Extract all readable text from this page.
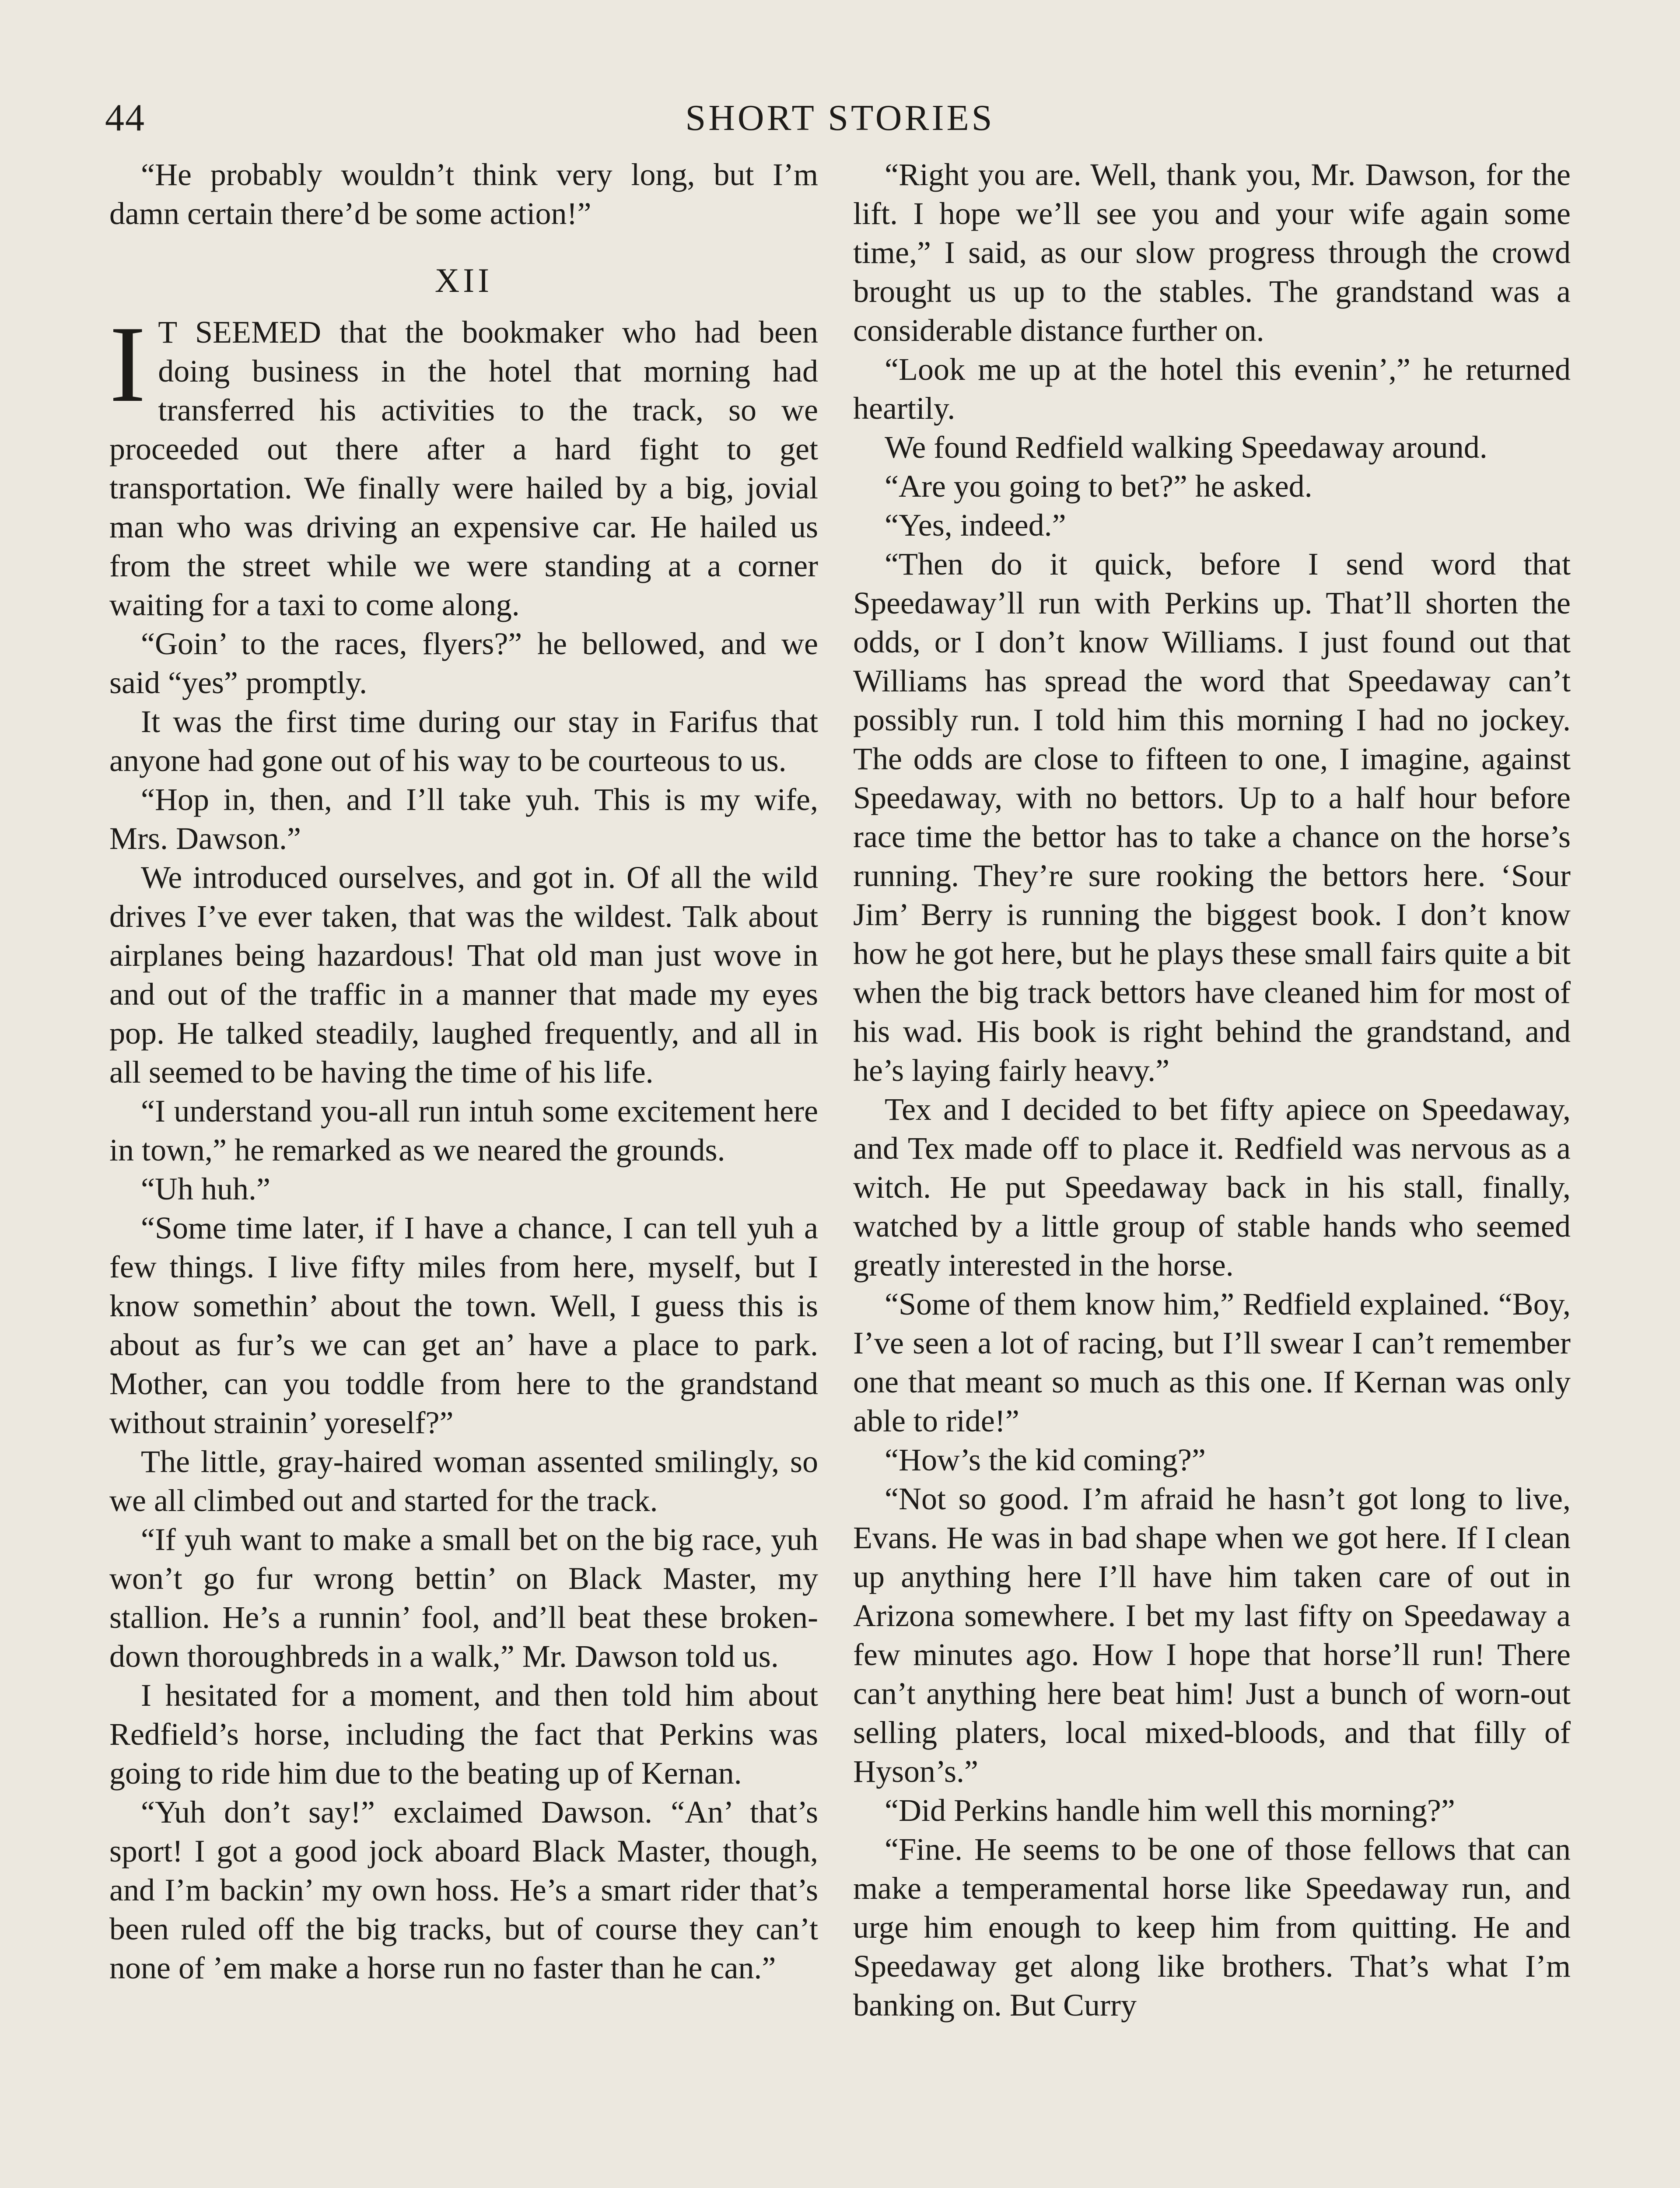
44	SHORT STORIES

“He probably wouldn’t think very long, but I’m damn certain there’d be some action!”

XII

I T SEEMED that the bookmaker who had been doing business in the hotel that morning had transferred his activities to the track, so we proceeded out there after a hard fight to get transportation. We finally were hailed by a big, jovial man who was driving an expensive car. He hailed us from the street while we were standing at a corner waiting for a taxi to come along.

“Goin’ to the races, flyers?” he bellowed, and we said “yes” promptly.

It was the first time during our stay in Farifus that anyone had gone out of his way to be courteous to us.

“Hop in, then, and I’ll take yuh. This is my wife, Mrs. Dawson.”

We introduced ourselves, and got in. Of all the wild drives I’ve ever taken, that was the wildest. Talk about airplanes being hazardous! That old man just wove in and out of the traffic in a manner that made my eyes pop. He talked steadily, laughed frequently, and all in all seemed to be having the time of his life.

“I understand you-all run intuh some excitement here in town,” he remarked as we neared the grounds.

“Uh huh.”

“Some time later, if I have a chance, I can tell yuh a few things. I live fifty miles from here, myself, but I know somethin’ about the town. Well, I guess this is about as fur’s we can get an’ have a place to park. Mother, can you toddle from here to the grandstand without strainin’ yoreself?”

The little, gray-haired woman assented smilingly, so we all climbed out and started for the track.

“If yuh want to make a small bet on the big race, yuh won’t go fur wrong bettin’ on Black Master, my stallion. He’s a runnin’ fool, and’ll beat these broken-down thoroughbreds in a walk,” Mr. Dawson told us.

I hesitated for a moment, and then told him about Redfield’s horse, including the fact that Perkins was going to ride him due to the beating up of Kernan.

“Yuh don’t say!” exclaimed Dawson. “An’ that’s sport! I got a good jock aboard Black Master, though, and I’m backin’ my own hoss. He’s a smart rider that’s been ruled off the big tracks, but of course they can’t none of ’em make a horse run no faster than he can.”

“Right you are. Well, thank you, Mr. Dawson, for the lift. I hope we’ll see you and your wife again some time,” I said, as our slow progress through the crowd brought us up to the stables. The grandstand was a considerable distance further on.

“Look me up at the hotel this evenin’,” he returned heartily.

We found Redfield walking Speedaway around.

“Are you going to bet?” he asked.

“Yes, indeed.”

“Then do it quick, before I send word that Speedaway’ll run with Perkins up. That’ll shorten the odds, or I don’t know Williams. I just found out that Williams has spread the word that Speedaway can’t possibly run. I told him this morning I had no jockey. The odds are close to fifteen to one, I imagine, against Speedaway, with no bettors. Up to a half hour before race time the bettor has to take a chance on the horse’s running. They’re sure rooking the bettors here. ‘Sour Jim’ Berry is running the biggest book. I don’t know how he got here, but he plays these small fairs quite a bit when the big track bettors have cleaned him for most of his wad. His book is right behind the grandstand, and he’s laying fairly heavy.”

Tex and I decided to bet fifty apiece on Speedaway, and Tex made off to place it. Redfield was nervous as a witch. He put Speedaway back in his stall, finally, watched by a little group of stable hands who seemed greatly interested in the horse.

“Some of them know him,” Redfield explained. “Boy, I’ve seen a lot of racing, but I’ll swear I can’t remember one that meant so much as this one. If Kernan was only able to ride!”

“How’s the kid coming?”

“Not so good. I’m afraid he hasn’t got long to live, Evans. He was in bad shape when we got here. If I clean up anything here I’ll have him taken care of out in Arizona somewhere. I bet my last fifty on Speedaway a few minutes ago. How I hope that horse’ll run! There can’t anything here beat him! Just a bunch of worn-out selling platers, local mixed-bloods, and that filly of Hyson’s.”

“Did Perkins handle him well this morning?”

“Fine. He seems to be one of those fellows that can make a temperamental horse like Speedaway run, and urge him enough to keep him from quitting. He and Speedaway get along like brothers. That’s what I’m banking on. But Curry
